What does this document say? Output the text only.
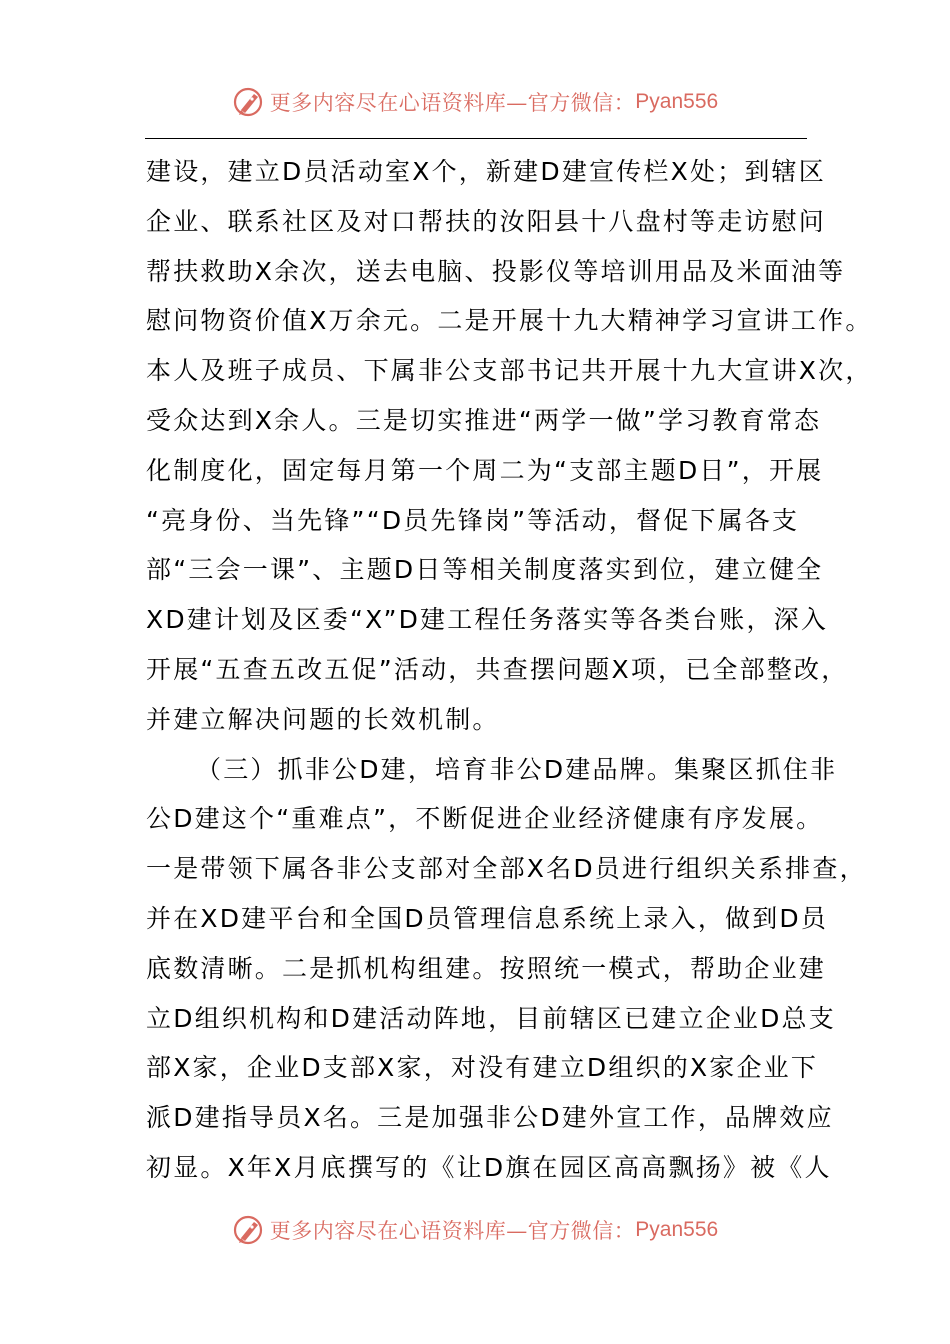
更多内容尽在心语资料库—官方微信： Pyan556
建设，建立D员活动室X个，新建D建宣传栏X处；到辖区
企业、联系社区及对口帮扶的汝阳县十八盘村等走访慰问
帮扶救助X余次，送去电脑、投影仪等培训用品及米面油等
慰问物资价值X万余元。二是开展十九大精神学习宣讲工作。
本人及班子成员、下属非公支部书记共开展十九大宣讲X次，
受众达到X余人。三是切实推进“两学一做”学习教育常态
化制度化，固定每月第一个周二为“支部主题D日”，开展
“亮身份、当先锋”“D员先锋岗”等活动，督促下属各支
部“三会一课”、主题D日等相关制度落实到位，建立健全
XD建计划及区委“X”D建工程任务落实等各类台账，深入
开展“五查五改五促”活动，共查摆问题X项，已全部整改，
并建立解决问题的长效机制。
（三）抓非公D建，培育非公D建品牌。集聚区抓住非
公D建这个“重难点”，不断促进企业经济健康有序发展。
一是带领下属各非公支部对全部X名D员进行组织关系排查，
并在XD建平台和全国D员管理信息系统上录入，做到D员
底数清晰。二是抓机构组建。按照统一模式，帮助企业建
立D组织机构和D建活动阵地，目前辖区已建立企业D总支
部X家，企业D支部X家，对没有建立D组织的X家企业下
派D建指导员X名。三是加强非公D建外宣工作，品牌效应
初显。X年X月底撰写的《让D旗在园区高高飘扬》被《人
更多内容尽在心语资料库—官方微信： Pyan556
